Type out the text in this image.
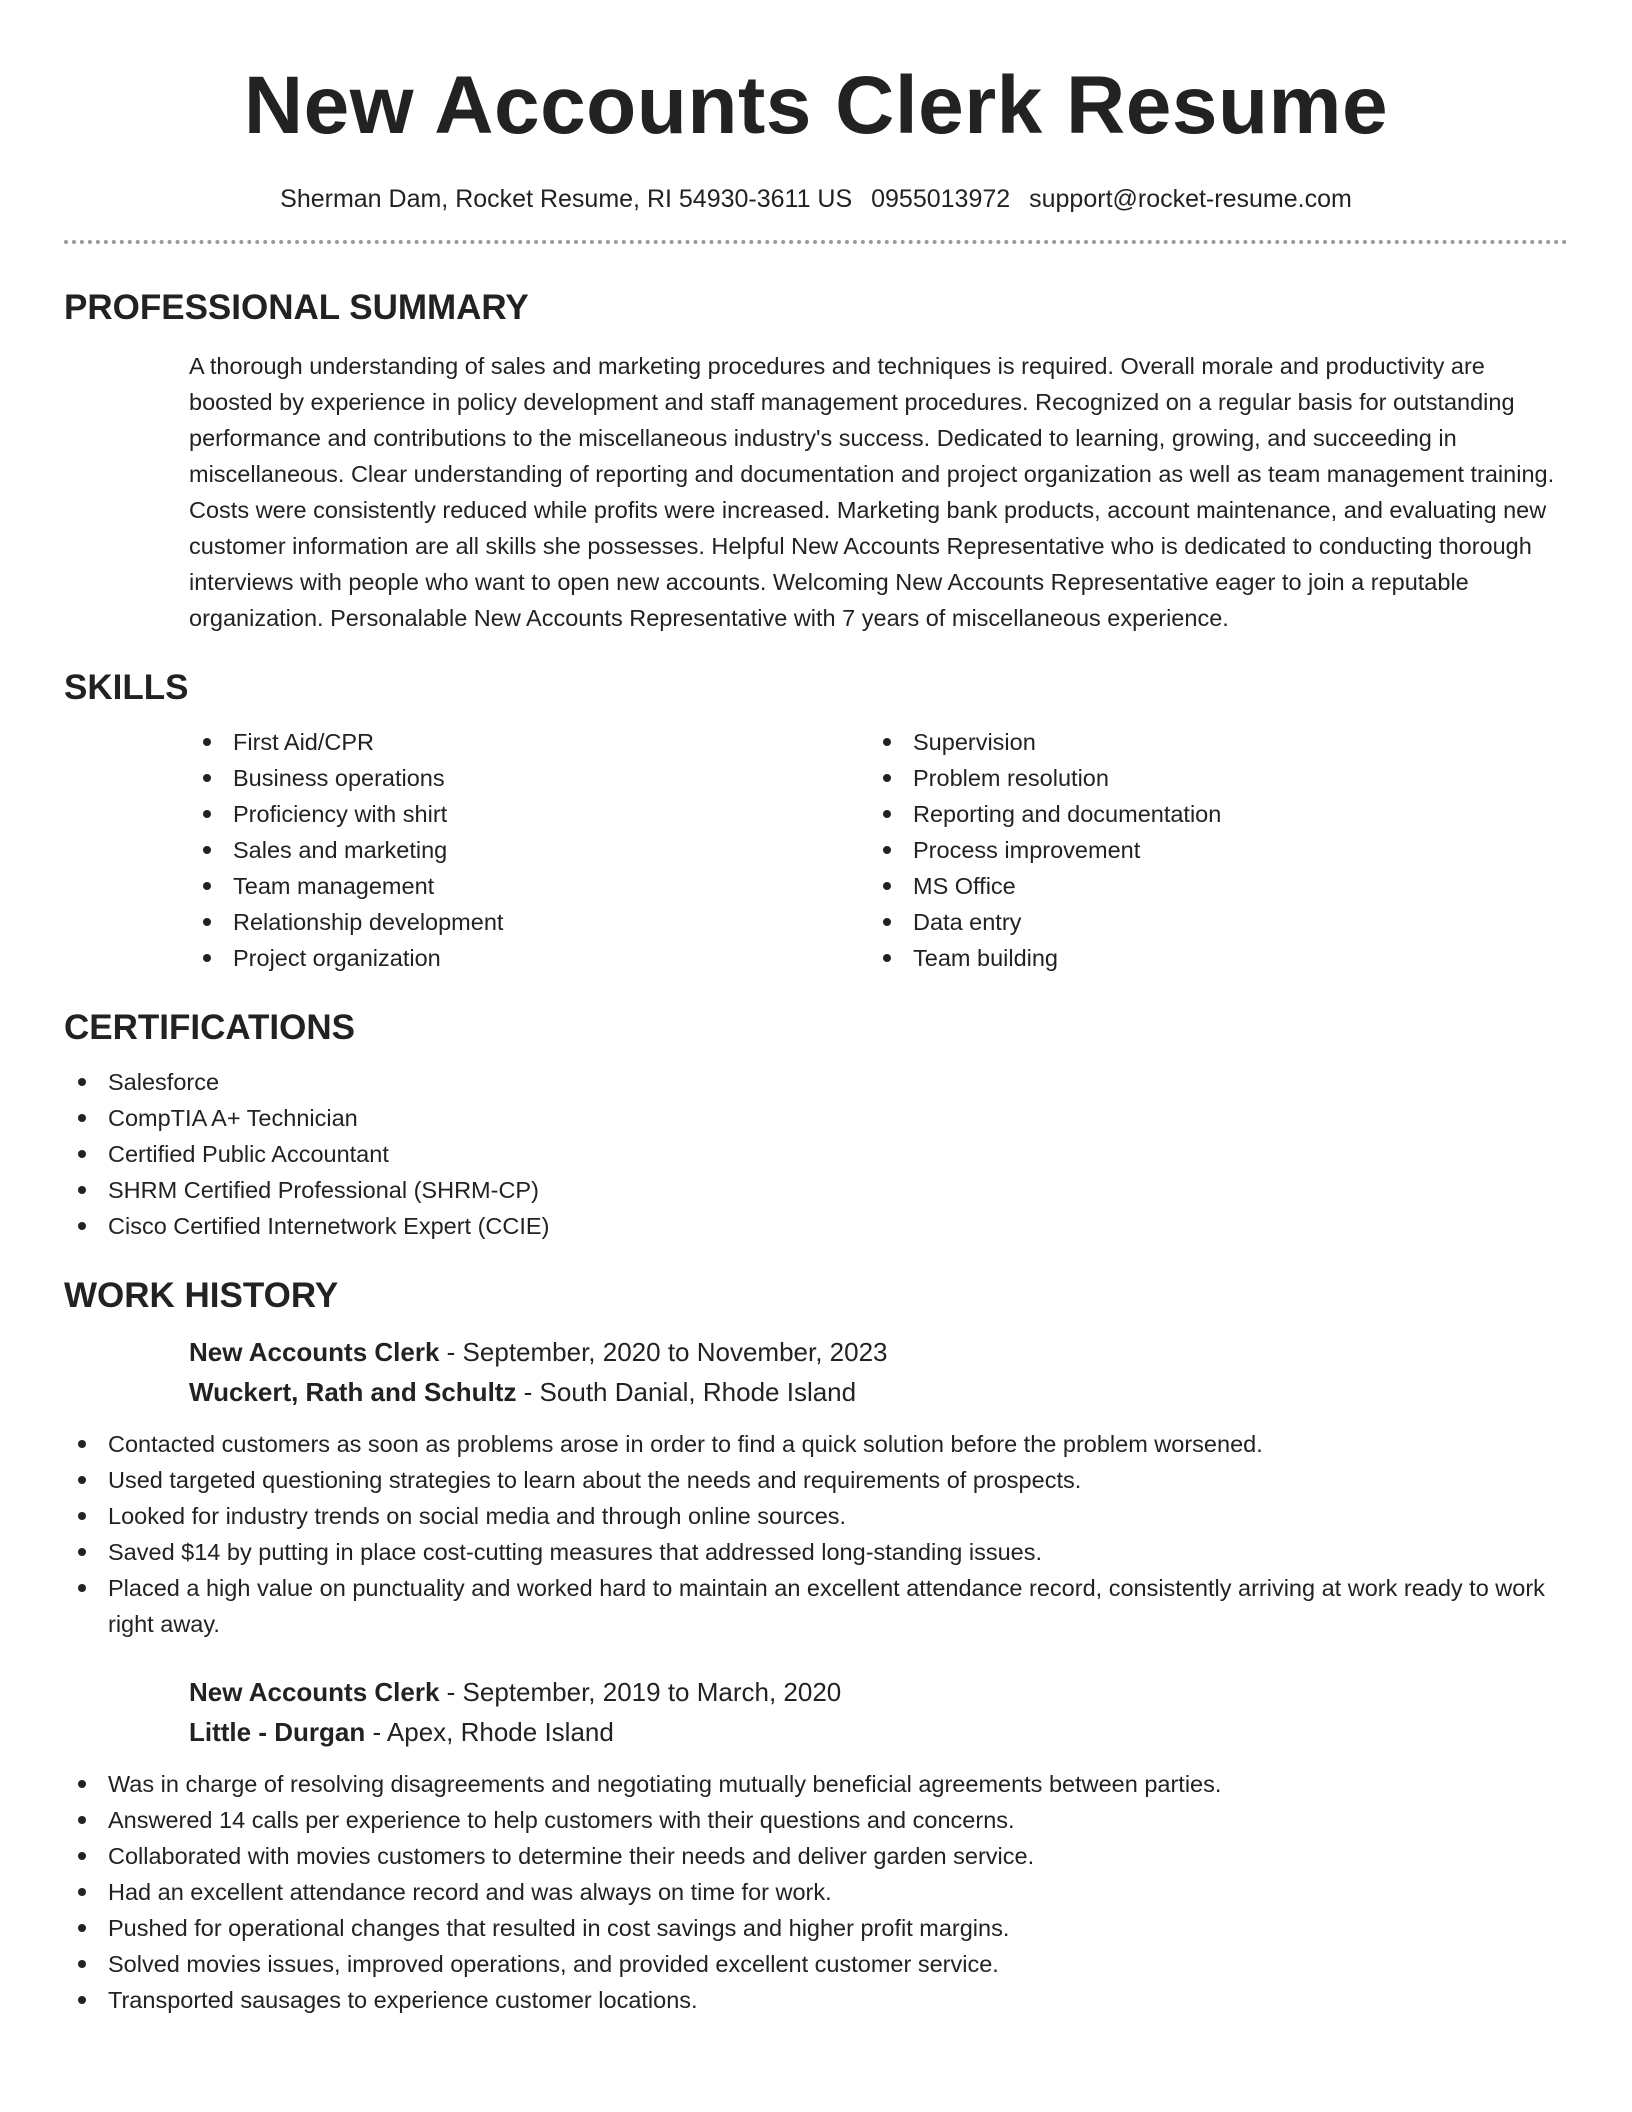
New Accounts Clerk Resume
Sherman Dam, Rocket Resume, RI 54930-3611 US 0955013972 support@rocket-resume.com
PROFESSIONAL SUMMARY
A thorough understanding of sales and marketing procedures and techniques is required. Overall morale and productivity are boosted by experience in policy development and staff management procedures. Recognized on a regular basis for outstanding performance and contributions to the miscellaneous industry's success. Dedicated to learning, growing, and succeeding in miscellaneous. Clear understanding of reporting and documentation and project organization as well as team management training. Costs were consistently reduced while profits were increased. Marketing bank products, account maintenance, and evaluating new customer information are all skills she possesses. Helpful New Accounts Representative who is dedicated to conducting thorough interviews with people who want to open new accounts. Welcoming New Accounts Representative eager to join a reputable organization. Personalable New Accounts Representative with 7 years of miscellaneous experience.
SKILLS
First Aid/CPR
Business operations
Proficiency with shirt
Sales and marketing
Team management
Relationship development
Project organization
Supervision
Problem resolution
Reporting and documentation
Process improvement
MS Office
Data entry
Team building
CERTIFICATIONS
Salesforce
CompTIA A+ Technician
Certified Public Accountant
SHRM Certified Professional (SHRM-CP)
Cisco Certified Internetwork Expert (CCIE)
WORK HISTORY
New Accounts Clerk - September, 2020 to November, 2023
Wuckert, Rath and Schultz - South Danial, Rhode Island
Contacted customers as soon as problems arose in order to find a quick solution before the problem worsened.
Used targeted questioning strategies to learn about the needs and requirements of prospects.
Looked for industry trends on social media and through online sources.
Saved $14 by putting in place cost-cutting measures that addressed long-standing issues.
Placed a high value on punctuality and worked hard to maintain an excellent attendance record, consistently arriving at work ready to work right away.
New Accounts Clerk - September, 2019 to March, 2020
Little - Durgan - Apex, Rhode Island
Was in charge of resolving disagreements and negotiating mutually beneficial agreements between parties.
Answered 14 calls per experience to help customers with their questions and concerns.
Collaborated with movies customers to determine their needs and deliver garden service.
Had an excellent attendance record and was always on time for work.
Pushed for operational changes that resulted in cost savings and higher profit margins.
Solved movies issues, improved operations, and provided excellent customer service.
Transported sausages to experience customer locations.
